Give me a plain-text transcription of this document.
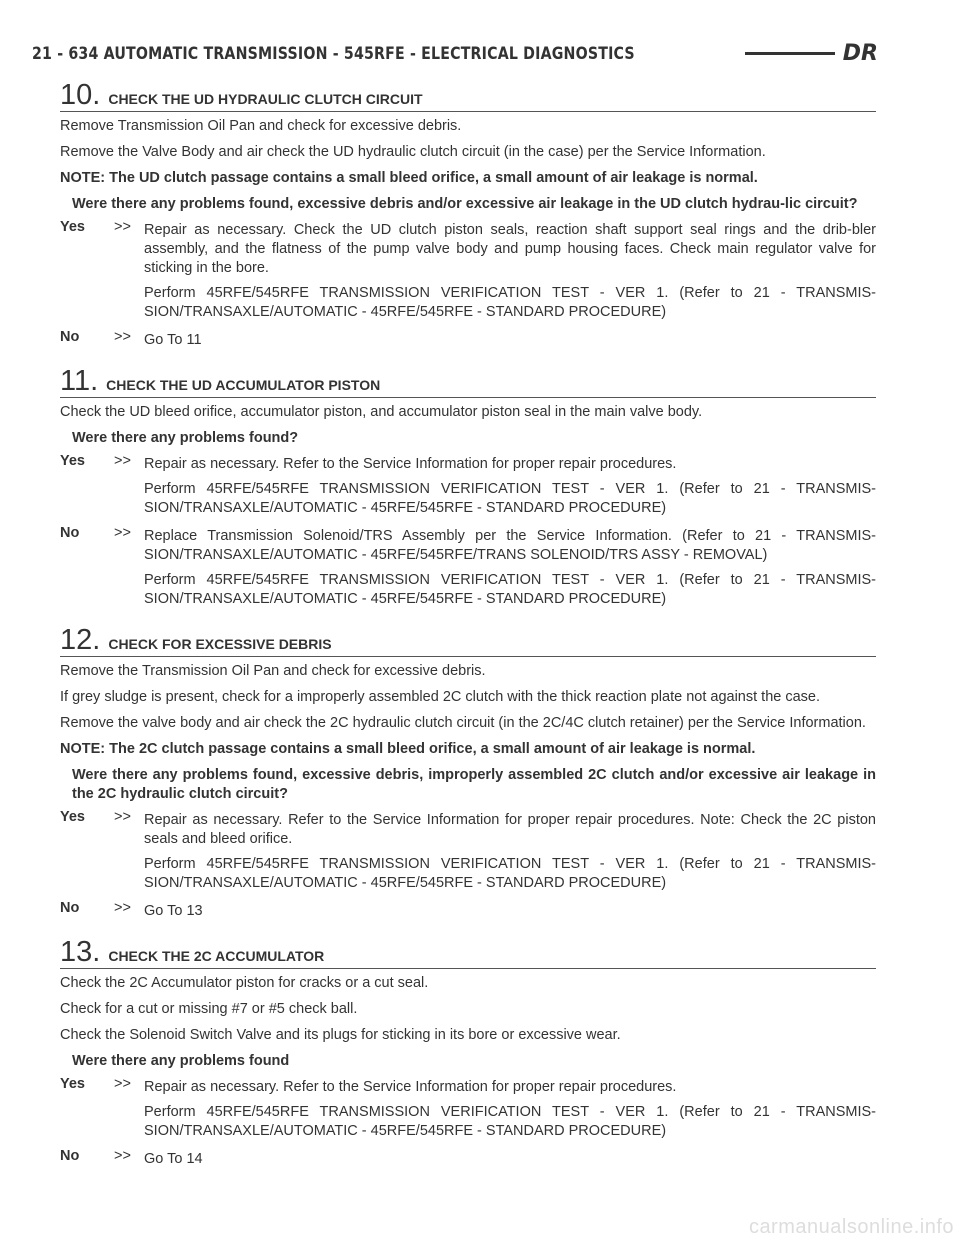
21 - 634 AUTOMATIC TRANSMISSION - 545RFE - ELECTRICAL DIAGNOSTICS	DR
10. CHECK THE UD HYDRAULIC CLUTCH CIRCUIT

Remove Transmission Oil Pan and check for excessive debris.

Remove the Valve Body and air check the UD hydraulic clutch circuit (in the case) per the Service Information.

NOTE: The UD clutch passage contains a small bleed orifice, a small amount of air leakage is normal.

Were there any problems found, excessive debris and/or excessive air leakage in the UD clutch hydrau-lic circuit?

Yes	>> Repair as necessary. Check the UD clutch piston seals, reaction shaft support seal rings and the drib-bler assembly, and the flatness of the pump valve body and pump housing faces. Check main regulator valve for sticking in the bore.

Perform 45RFE/545RFE TRANSMISSION VERIFICATION TEST - VER 1. (Refer to 21 - TRANSMIS-SION/TRANSAXLE/AUTOMATIC - 45RFE/545RFE - STANDARD PROCEDURE)

No	>> Go To 11

11. CHECK THE UD ACCUMULATOR PISTON

Check the UD bleed orifice, accumulator piston, and accumulator piston seal in the main valve body.

Were there any problems found?

Yes	>> Repair as necessary. Refer to the Service Information for proper repair procedures.

Perform 45RFE/545RFE TRANSMISSION VERIFICATION TEST - VER 1. (Refer to 21 - TRANSMIS-SION/TRANSAXLE/AUTOMATIC - 45RFE/545RFE - STANDARD PROCEDURE)

No	>> Replace Transmission Solenoid/TRS Assembly per the Service Information. (Refer to 21 - TRANSMIS-SION/TRANSAXLE/AUTOMATIC - 45RFE/545RFE/TRANS SOLENOID/TRS ASSY - REMOVAL)

Perform 45RFE/545RFE TRANSMISSION VERIFICATION TEST - VER 1. (Refer to 21 - TRANSMIS-SION/TRANSAXLE/AUTOMATIC - 45RFE/545RFE - STANDARD PROCEDURE)

12. CHECK FOR EXCESSIVE DEBRIS

Remove the Transmission Oil Pan and check for excessive debris.

If grey sludge is present, check for a improperly assembled 2C clutch with the thick reaction plate not against the case.

Remove the valve body and air check the 2C hydraulic clutch circuit (in the 2C/4C clutch retainer) per the Service Information.

NOTE: The 2C clutch passage contains a small bleed orifice, a small amount of air leakage is normal.

Were there any problems found, excessive debris, improperly assembled 2C clutch and/or excessive air leakage in the 2C hydraulic clutch circuit?

Yes	>> Repair as necessary. Refer to the Service Information for proper repair procedures. Note: Check the 2C piston seals and bleed orifice.

Perform 45RFE/545RFE TRANSMISSION VERIFICATION TEST - VER 1. (Refer to 21 - TRANSMIS-SION/TRANSAXLE/AUTOMATIC - 45RFE/545RFE - STANDARD PROCEDURE)

No	>> Go To 13

13. CHECK THE 2C ACCUMULATOR

Check the 2C Accumulator piston for cracks or a cut seal.

Check for a cut or missing #7 or #5 check ball.

Check the Solenoid Switch Valve and its plugs for sticking in its bore or excessive wear.

Were there any problems found

Yes	>> Repair as necessary. Refer to the Service Information for proper repair procedures.

Perform 45RFE/545RFE TRANSMISSION VERIFICATION TEST - VER 1. (Refer to 21 - TRANSMIS-SION/TRANSAXLE/AUTOMATIC - 45RFE/545RFE - STANDARD PROCEDURE)

No	>> Go To 14

carmanualsonline.info
